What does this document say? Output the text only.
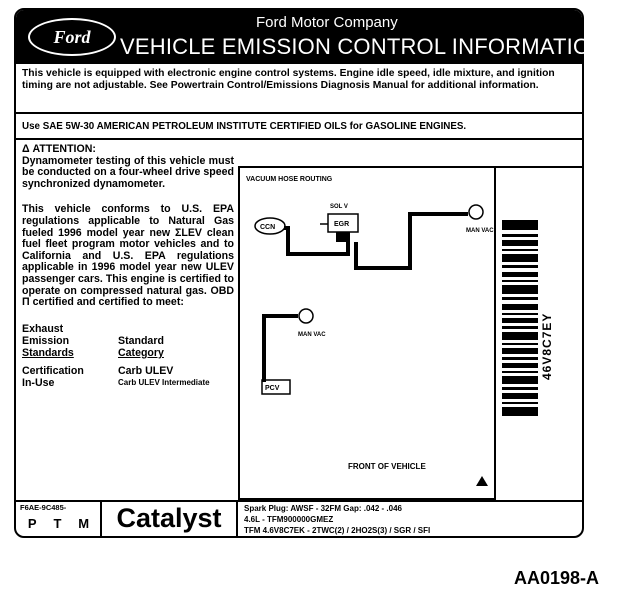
Ford
Ford Motor Company
VEHICLE EMISSION CONTROL INFORMATION
This vehicle is equipped with electronic engine control systems. Engine idle speed, idle mixture, and ignition timing are not adjustable. See Powertrain Control/Emissions Diagnosis Manual for additional information.
Use SAE 5W-30 AMERICAN PETROLEUM INSTITUTE CERTIFIED OILS for GASOLINE ENGINES.
Δ ATTENTION:
Dynamometer testing of this vehicle must be conducted on a four-wheel drive speed synchronized dynamometer.
This vehicle conforms to U.S. EPA regulations applicable to Natural Gas fueled 1996 model year new ΣLEV clean fuel fleet program motor vehicles and to California and U.S. EPA regulations applicable in 1996 model year new ULEV passenger cars. This engine is certified to operate on compressed natural gas. OBD Π certified and certified to meet:
Exhaust
Emission	Standard
Standards	Category
Certification	Carb ULEV
In-Use	Carb ULEV Intermediate
VACUUM HOSE ROUTING
CCN
SOL V
EGR
MAN VAC
MAN VAC
PCV
FRONT OF VEHICLE
46V8C7EY
F6AE-9C485-
P T M Catalyst	Spark Plug: AWSF - 32FM Gap: .042 - .046
4.6L - TFM900000GMEZ
TFM 4.6V8C7EK - 2TWC(2) / 2HO2S(3) / SGR / SFI
AA0198-A
